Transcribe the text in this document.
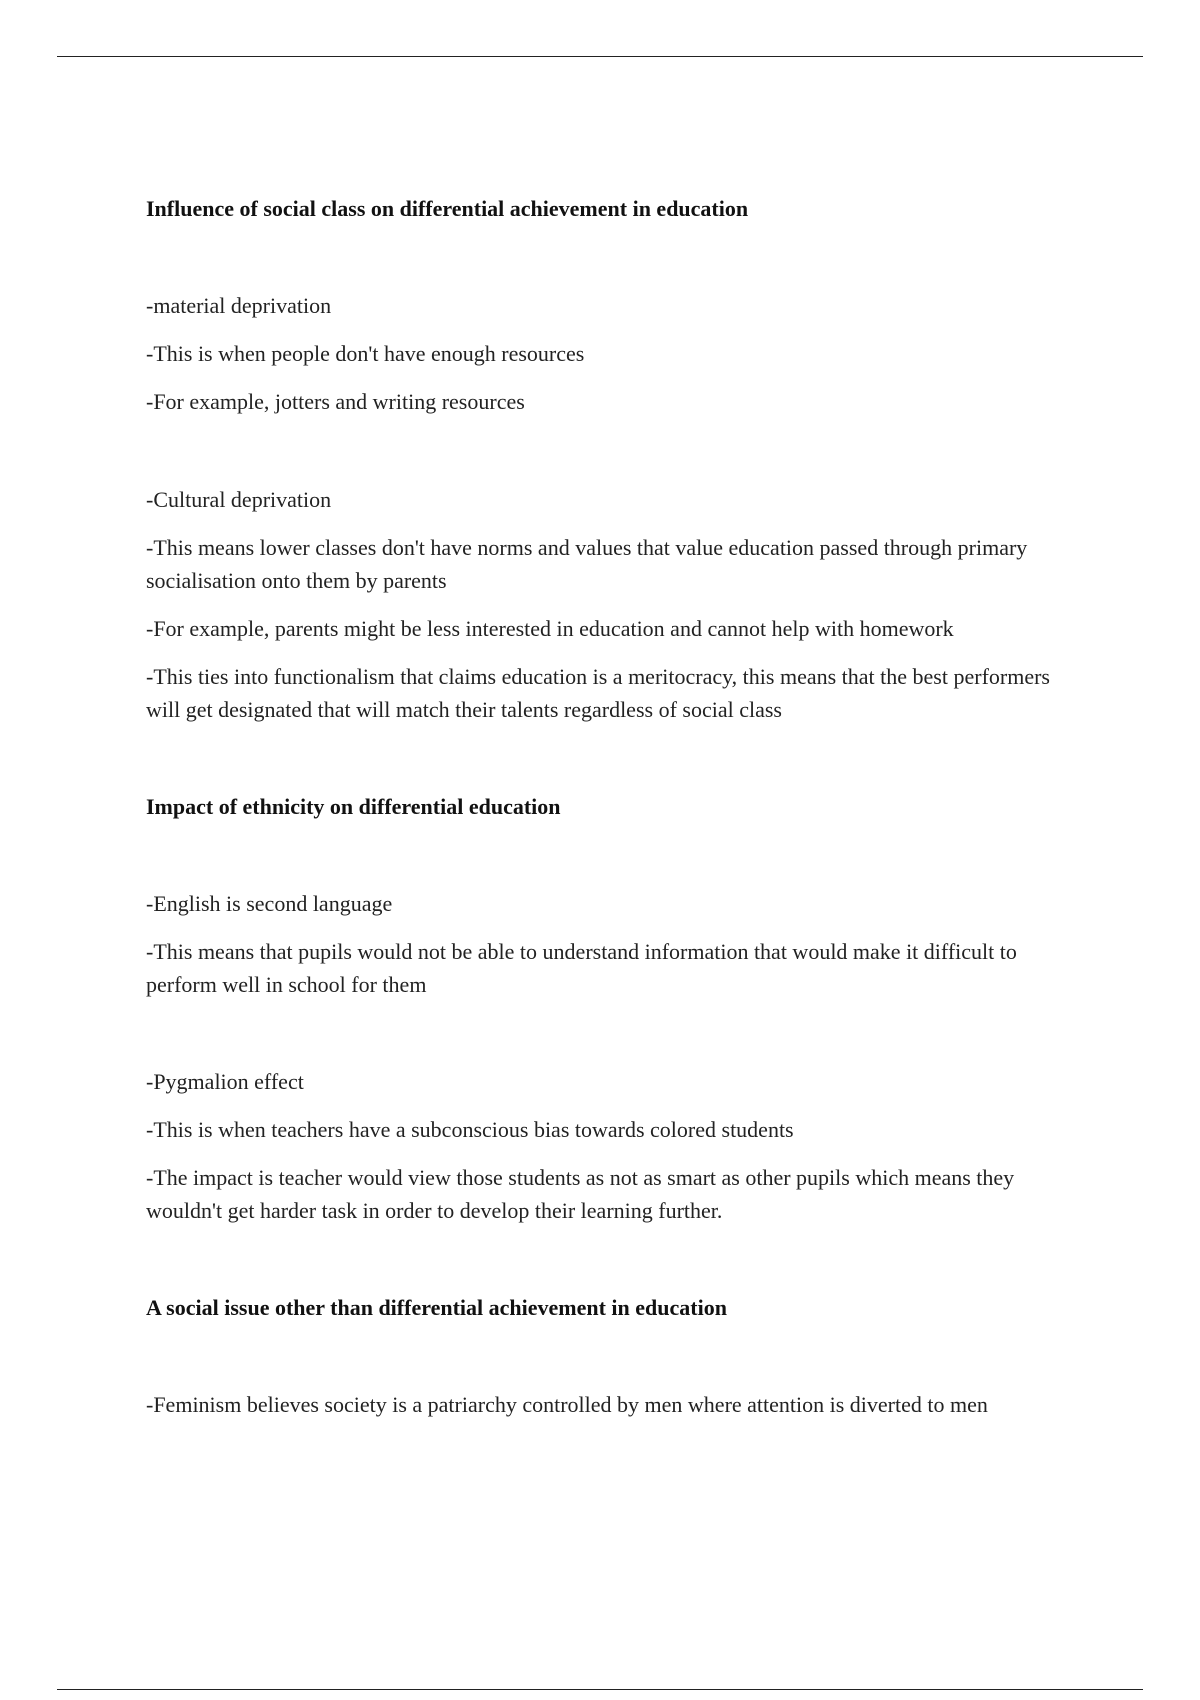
Influence of social class on differential achievement in education

-material deprivation

-This is when people don't have enough resources

-For example, jotters and writing resources

-Cultural deprivation

-This means lower classes don't have norms and values that value education passed through primary socialisation onto them by parents

-For example, parents might be less interested in education and cannot help with homework

-This ties into functionalism that claims education is a meritocracy, this means that the best performers will get designated that will match their talents regardless of social class

Impact of ethnicity on differential education

-English is second language

-This means that pupils would not be able to understand information that would make it difficult to perform well in school for them

-Pygmalion effect

-This is when teachers have a subconscious bias towards colored students

-The impact is teacher would view those students as not as smart as other pupils which means they wouldn't get harder task in order to develop their learning further.

A social issue other than differential achievement in education

-Feminism believes society is a patriarchy controlled by men where attention is diverted to men
